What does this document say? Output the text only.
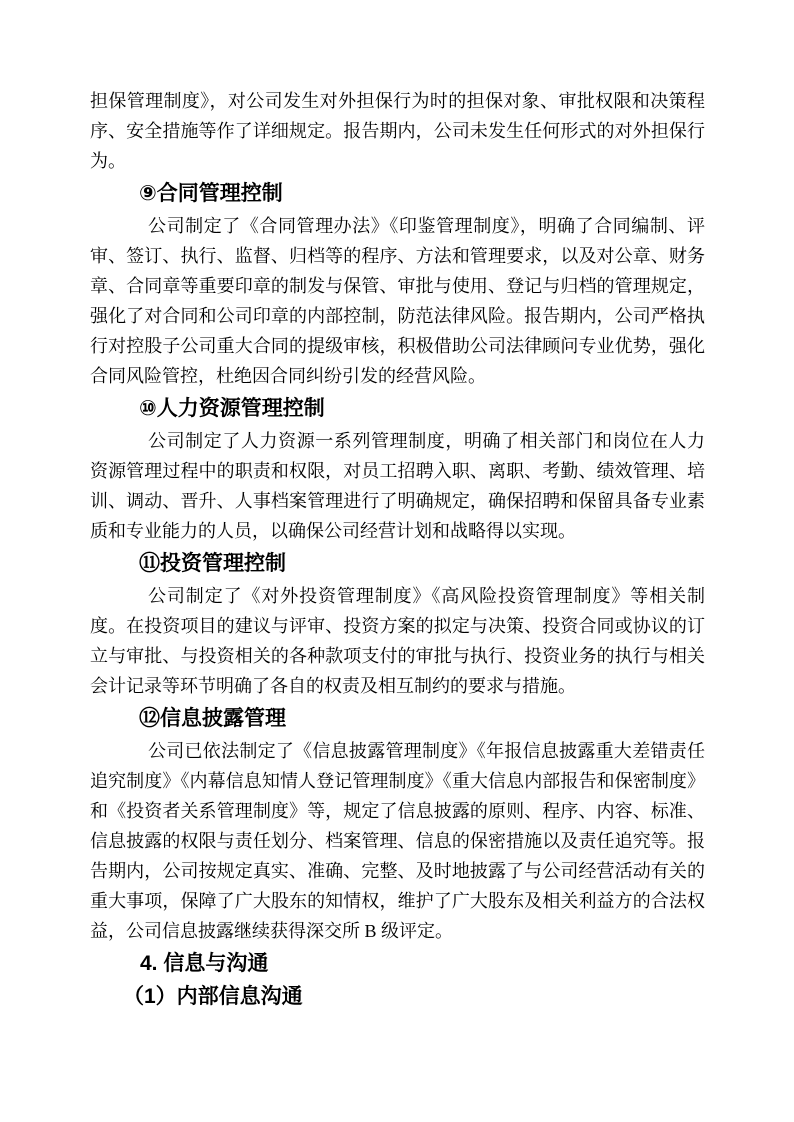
担保管理制度》，对公司发生对外担保行为时的担保对象、审批权限和决策程序、安全措施等作了详细规定。报告期内，公司未发生任何形式的对外担保行为。

⑨合同管理控制

公司制定了《合同管理办法》《印鉴管理制度》，明确了合同编制、评审、签订、执行、监督、归档等的程序、方法和管理要求，以及对公章、财务章、合同章等重要印章的制发与保管、审批与使用、登记与归档的管理规定，强化了对合同和公司印章的内部控制，防范法律风险。报告期内，公司严格执行对控股子公司重大合同的提级审核，积极借助公司法律顾问专业优势，强化合同风险管控，杜绝因合同纠纷引发的经营风险。

⑩人力资源管理控制

公司制定了人力资源一系列管理制度，明确了相关部门和岗位在人力资源管理过程中的职责和权限，对员工招聘入职、离职、考勤、绩效管理、培训、调动、晋升、人事档案管理进行了明确规定，确保招聘和保留具备专业素质和专业能力的人员，以确保公司经营计划和战略得以实现。

⑪投资管理控制

公司制定了《对外投资管理制度》《高风险投资管理制度》等相关制度。在投资项目的建议与评审、投资方案的拟定与决策、投资合同或协议的订立与审批、与投资相关的各种款项支付的审批与执行、投资业务的执行与相关会计记录等环节明确了各自的权责及相互制约的要求与措施。

⑫信息披露管理

公司已依法制定了《信息披露管理制度》《年报信息披露重大差错责任追究制度》《内幕信息知情人登记管理制度》《重大信息内部报告和保密制度》和《投资者关系管理制度》等，规定了信息披露的原则、程序、内容、标准、信息披露的权限与责任划分、档案管理、信息的保密措施以及责任追究等。报告期内，公司按规定真实、准确、完整、及时地披露了与公司经营活动有关的重大事项，保障了广大股东的知情权，维护了广大股东及相关利益方的合法权益，公司信息披露继续获得深交所 B 级评定。

4. 信息与沟通
（1）内部信息沟通
